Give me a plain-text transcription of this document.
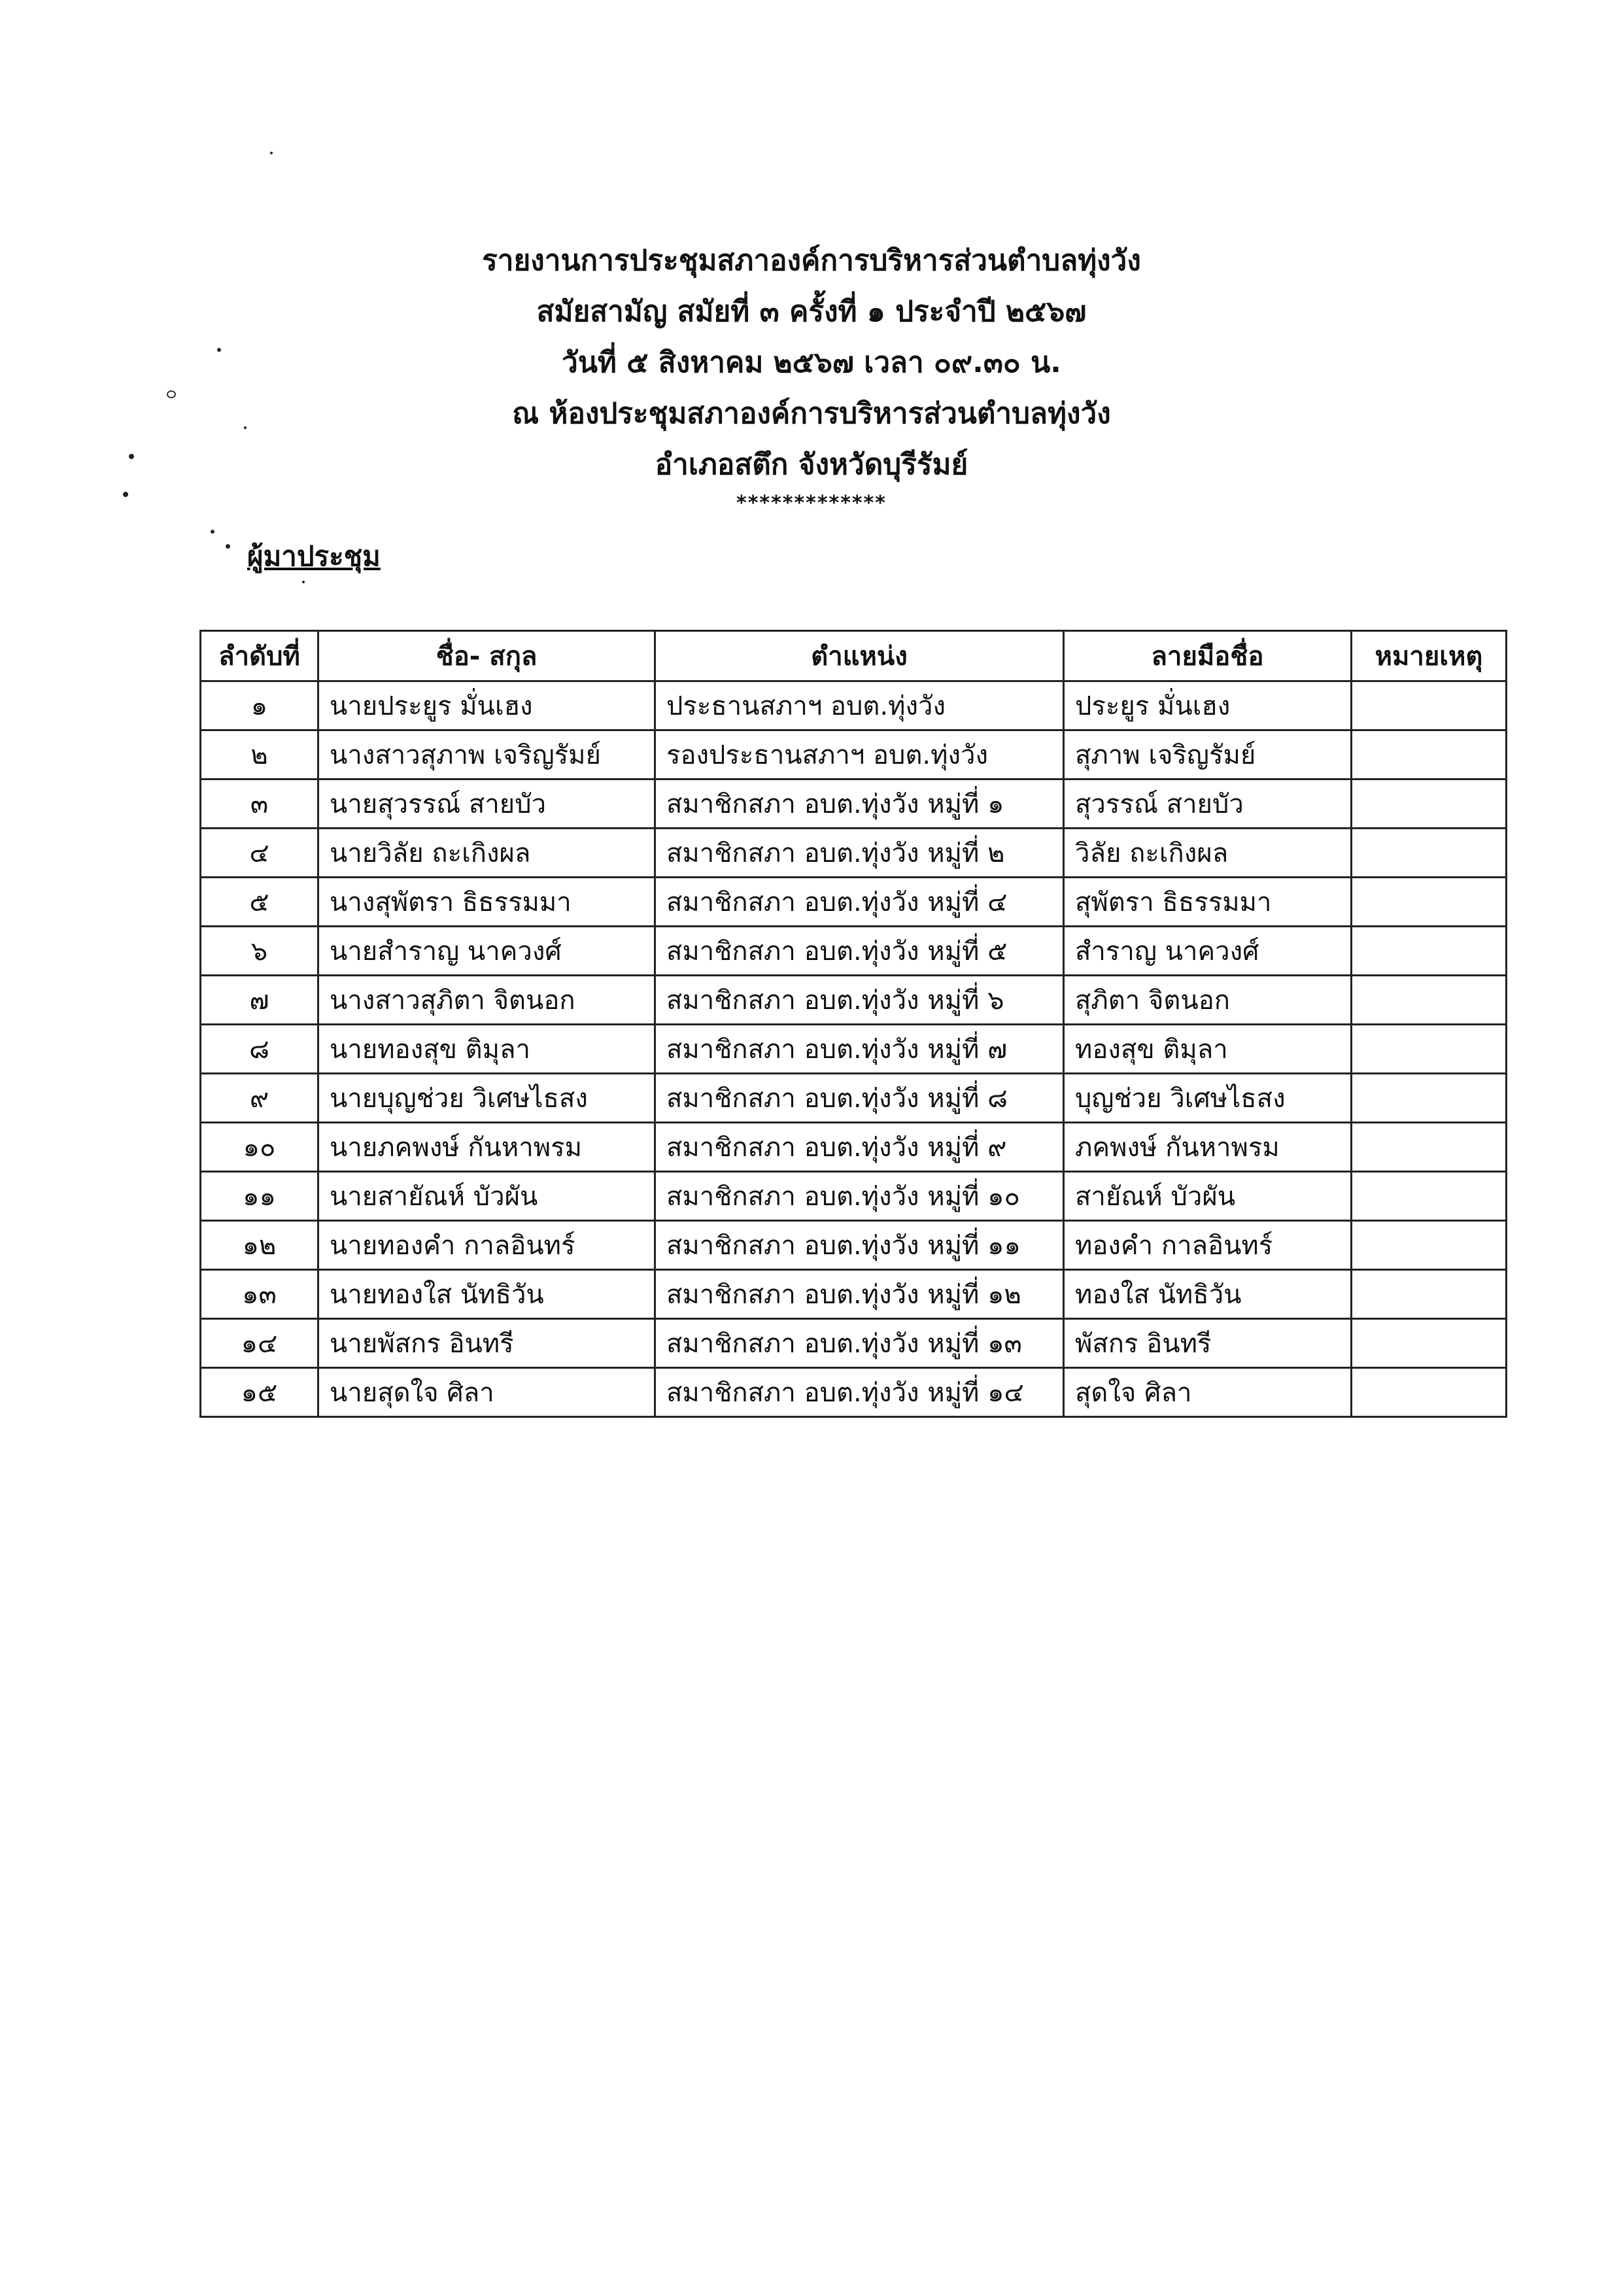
รายงานการประชุมสภาองค์การบริหารส่วนตำบลทุ่งวัง
สมัยสามัญ สมัยที่ ๓ ครั้งที่ ๑ ประจำปี ๒๕๖๗
วันที่ ๕ สิงหาคม ๒๕๖๗ เวลา ๐๙.๓๐ น.
ณ ห้องประชุมสภาองค์การบริหารส่วนตำบลทุ่งวัง
อำเภอสตึก จังหวัดบุรีรัมย์
*************
ผู้มาประชุม
ลำดับที่	ชื่อ- สกุล	ตำแหน่ง	ลายมือชื่อ	หมายเหตุ
๑	นายประยูร มั่นเฮง	ประธานสภาฯ อบต.ทุ่งวัง	ประยูร มั่นเฮง	
๒	นางสาวสุภาพ เจริญรัมย์	รองประธานสภาฯ อบต.ทุ่งวัง	สุภาพ เจริญรัมย์	
๓	นายสุวรรณ์ สายบัว	สมาชิกสภา อบต.ทุ่งวัง หมู่ที่ ๑	สุวรรณ์ สายบัว	
๔	นายวิลัย ถะเกิงผล	สมาชิกสภา อบต.ทุ่งวัง หมู่ที่ ๒	วิลัย ถะเกิงผล	
๕	นางสุพัตรา ธิธรรมมา	สมาชิกสภา อบต.ทุ่งวัง หมู่ที่ ๔	สุพัตรา ธิธรรมมา	
๖	นายสำราญ นาควงศ์	สมาชิกสภา อบต.ทุ่งวัง หมู่ที่ ๕	สำราญ นาควงศ์	
๗	นางสาวสุภิตา จิตนอก	สมาชิกสภา อบต.ทุ่งวัง หมู่ที่ ๖	สุภิตา จิตนอก	
๘	นายทองสุข ติมุลา	สมาชิกสภา อบต.ทุ่งวัง หมู่ที่ ๗	ทองสุข ติมุลา	
๙	นายบุญช่วย วิเศษไธสง	สมาชิกสภา อบต.ทุ่งวัง หมู่ที่ ๘	บุญช่วย วิเศษไธสง	
๑๐	นายภคพงษ์ กันหาพรม	สมาชิกสภา อบต.ทุ่งวัง หมู่ที่ ๙	ภคพงษ์ กันหาพรม	
๑๑	นายสายัณห์ บัวผัน	สมาชิกสภา อบต.ทุ่งวัง หมู่ที่ ๑๐	สายัณห์ บัวผัน	
๑๒	นายทองคำ กาลอินทร์	สมาชิกสภา อบต.ทุ่งวัง หมู่ที่ ๑๑	ทองคำ กาลอินทร์	
๑๓	นายทองใส นัทธิวัน	สมาชิกสภา อบต.ทุ่งวัง หมู่ที่ ๑๒	ทองใส นัทธิวัน	
๑๔	นายพัสกร อินทรี	สมาชิกสภา อบต.ทุ่งวัง หมู่ที่ ๑๓	พัสกร อินทรี	
๑๕	นายสุดใจ ศิลา	สมาชิกสภา อบต.ทุ่งวัง หมู่ที่ ๑๔	สุดใจ ศิลา	
